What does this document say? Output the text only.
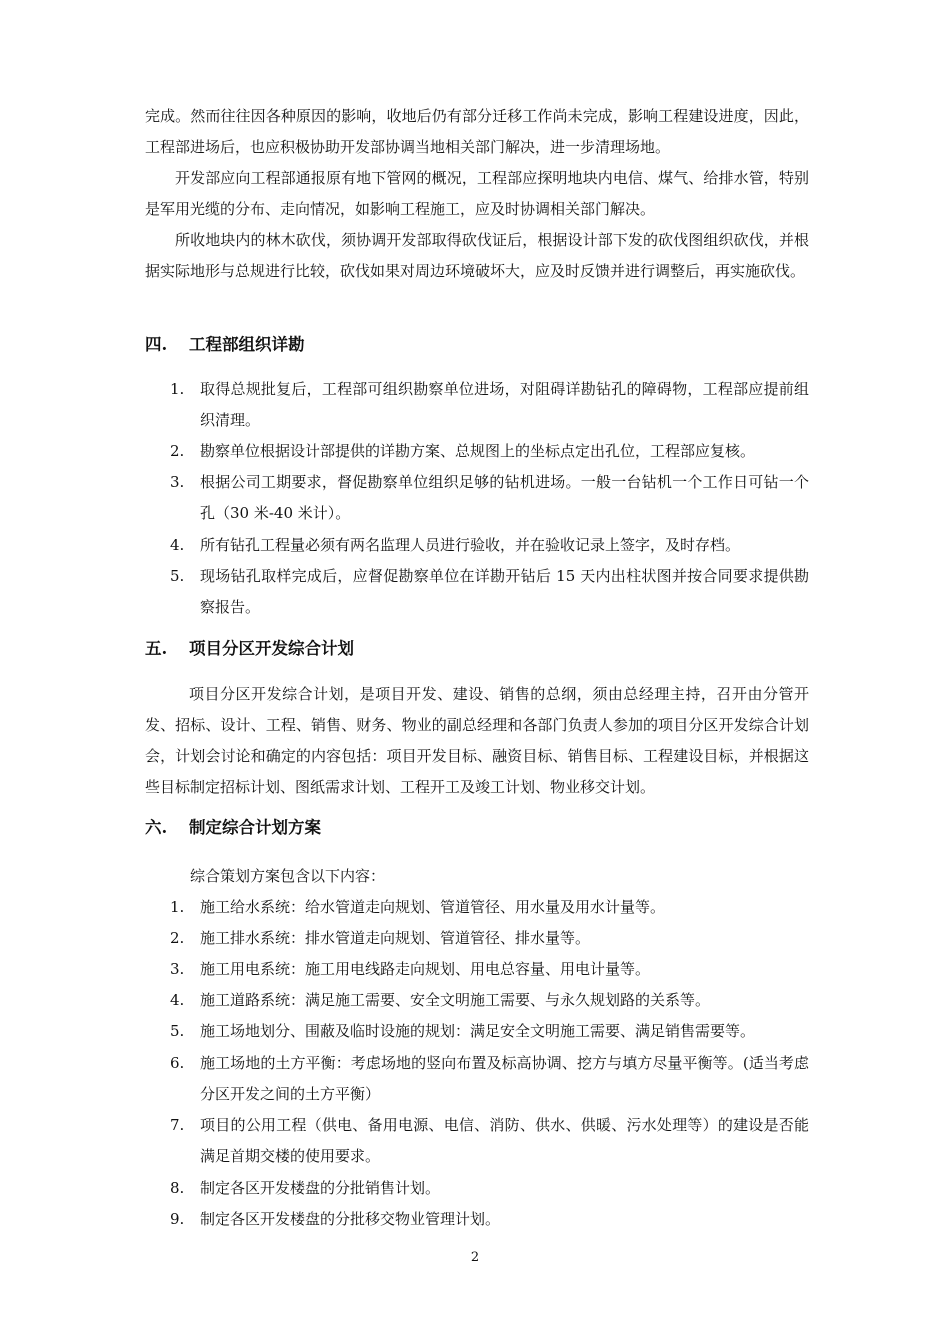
完成。然而往往因各种原因的影响，收地后仍有部分迁移工作尚未完成，影响工程建设进度，因此，工程部进场后，也应积极协助开发部协调当地相关部门解决，进一步清理场地。

开发部应向工程部通报原有地下管网的概况，工程部应探明地块内电信、煤气、给排水管，特别是军用光缆的分布、走向情况，如影响工程施工，应及时协调相关部门解决。

所收地块内的林木砍伐，须协调开发部取得砍伐证后，根据设计部下发的砍伐图组织砍伐，并根据实际地形与总规进行比较，砍伐如果对周边环境破坏大，应及时反馈并进行调整后，再实施砍伐。

四. 工程部组织详勘
1.	取得总规批复后，工程部可组织勘察单位进场，对阻碍详勘钻孔的障碍物，工程部应提前组织清理。
2.	勘察单位根据设计部提供的详勘方案、总规图上的坐标点定出孔位，工程部应复核。
3.	根据公司工期要求，督促勘察单位组织足够的钻机进场。一般一台钻机一个工作日可钻一个孔（30 米-40 米计）。
4.	所有钻孔工程量必须有两名监理人员进行验收，并在验收记录上签字，及时存档。
5.	现场钻孔取样完成后，应督促勘察单位在详勘开钻后 15 天内出柱状图并按合同要求提供勘察报告。
五. 项目分区开发综合计划

项目分区开发综合计划，是项目开发、建设、销售的总纲，须由总经理主持，召开由分管开发、招标、设计、工程、销售、财务、物业的副总经理和各部门负责人参加的项目分区开发综合计划会，计划会讨论和确定的内容包括：项目开发目标、融资目标、销售目标、工程建设目标，并根据这些目标制定招标计划、图纸需求计划、工程开工及竣工计划、物业移交计划。

六. 制定综合计划方案

综合策划方案包含以下内容：

1.	施工给水系统：给水管道走向规划、管道管径、用水量及用水计量等。
2.	施工排水系统：排水管道走向规划、管道管径、排水量等。
3.	施工用电系统：施工用电线路走向规划、用电总容量、用电计量等。
4.	施工道路系统：满足施工需要、安全文明施工需要、与永久规划路的关系等。
5.	施工场地划分、围蔽及临时设施的规划：满足安全文明施工需要、满足销售需要等。
6.	施工场地的土方平衡：考虑场地的竖向布置及标高协调、挖方与填方尽量平衡等。(适当考虑分区开发之间的土方平衡）
7.	项目的公用工程（供电、备用电源、电信、消防、供水、供暖、污水处理等）的建设是否能满足首期交楼的使用要求。
8.	制定各区开发楼盘的分批销售计划。
9.	制定各区开发楼盘的分批移交物业管理计划。
2
